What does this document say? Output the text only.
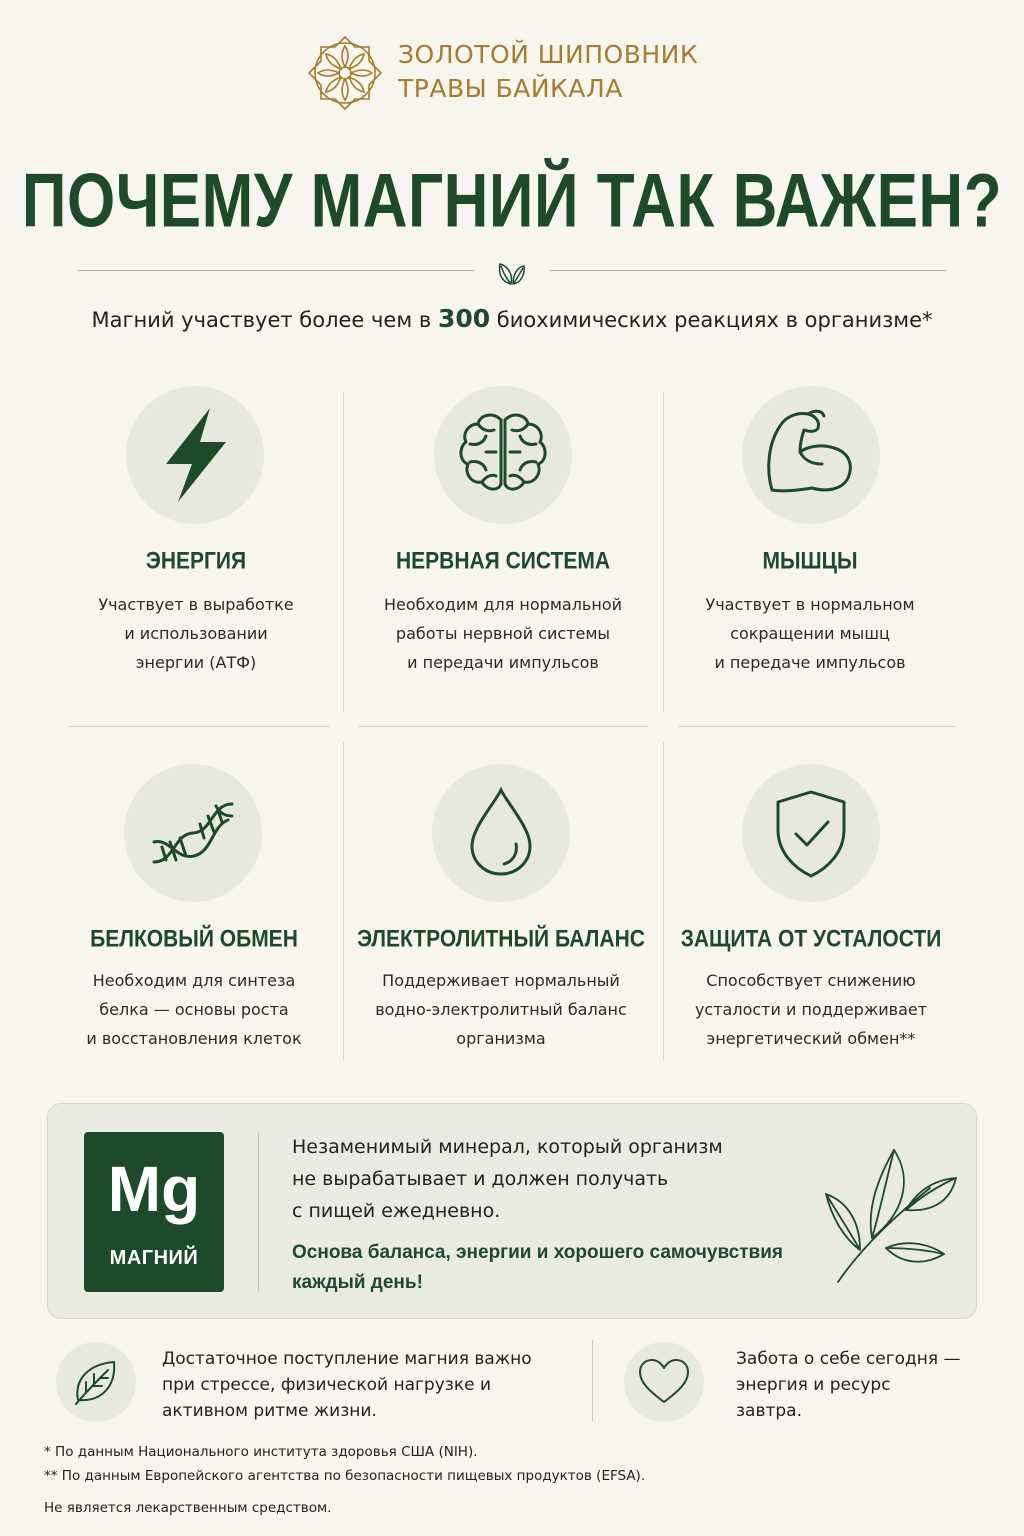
ЗОЛОТОЙ ШИПОВНИК
ТРАВЫ БАЙКАЛА
ПОЧЕМУ МАГНИЙ ТАК ВАЖЕН?
Магний участвует более чем в 300 биохимических реакциях в организме*
ЭНЕРГИЯ
Участвует в выработке
и использовании
энергии (АТФ)
НЕРВНАЯ СИСТЕМА
Необходим для нормальной
работы нервной системы
и передачи импульсов
МЫШЦЫ
Участвует в нормальном
сокращении мышц
и передаче импульсов
БЕЛКОВЫЙ ОБМЕН
Необходим для синтеза
белка — основы роста
и восстановления клеток
ЭЛЕКТРОЛИТНЫЙ БАЛАНС
Поддерживает нормальный
водно-электролитный баланс
организма
ЗАЩИТА ОТ УСТАЛОСТИ
Способствует снижению
усталости и поддерживает
энергетический обмен**
Mg
МАГНИЙ
Незаменимый минерал, который организм
не вырабатывает и должен получать
с пищей ежедневно.
Основа баланса, энергии и хорошего самочувствия
каждый день!
Достаточное поступление магния важно
при стрессе, физической нагрузке и
активном ритме жизни.
Забота о себе сегодня —
энергия и ресурс
завтра.
* По данным Национального института здоровья США (NIH).
** По данным Европейского агентства по безопасности пищевых продуктов (EFSA).
Не является лекарственным средством.
